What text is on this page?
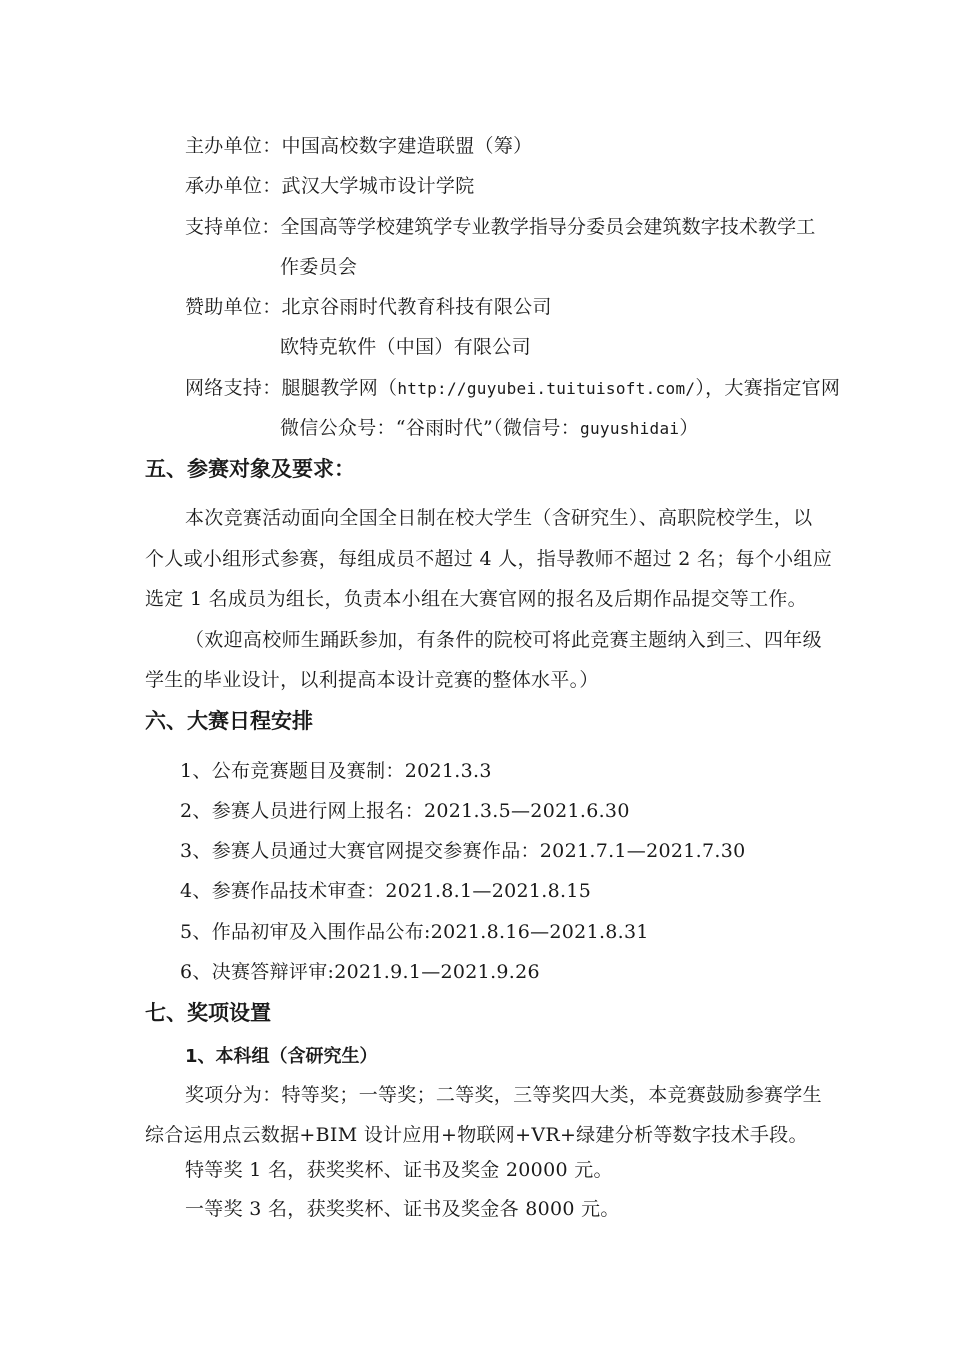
主办单位：中国高校数字建造联盟（筹）
承办单位：武汉大学城市设计学院
支持单位：全国高等学校建筑学专业教学指导分委员会建筑数字技术教学工
作委员会
赞助单位：北京谷雨时代教育科技有限公司
欧特克软件（中国）有限公司
网络支持：腿腿教学网（http://guyubei.tuituisoft.com/），大赛指定官网
微信公众号：“谷雨时代”（微信号：guyushidai）
五、参赛对象及要求：
本次竞赛活动面向全国全日制在校大学生（含研究生）、高职院校学生，以
个人或小组形式参赛，每组成员不超过 4 人，指导教师不超过 2 名；每个小组应
选定 1 名成员为组长，负责本小组在大赛官网的报名及后期作品提交等工作。
（欢迎高校师生踊跃参加，有条件的院校可将此竞赛主题纳入到三、四年级
学生的毕业设计，以利提高本设计竞赛的整体水平。）
六、大赛日程安排
1、公布竞赛题目及赛制：2021.3.3
2、参赛人员进行网上报名：2021.3.5—2021.6.30
3、参赛人员通过大赛官网提交参赛作品：2021.7.1—2021.7.30
4、参赛作品技术审查：2021.8.1—2021.8.15
5、作品初审及入围作品公布:2021.8.16—2021.8.31
6、决赛答辩评审:2021.9.1—2021.9.26
七、奖项设置
1、本科组（含研究生）
奖项分为：特等奖；一等奖；二等奖，三等奖四大类，本竞赛鼓励参赛学生
综合运用点云数据+BIM 设计应用+物联网+VR+绿建分析等数字技术手段。
特等奖 1 名，获奖奖杯、证书及奖金 20000 元。
一等奖 3 名，获奖奖杯、证书及奖金各 8000 元。
